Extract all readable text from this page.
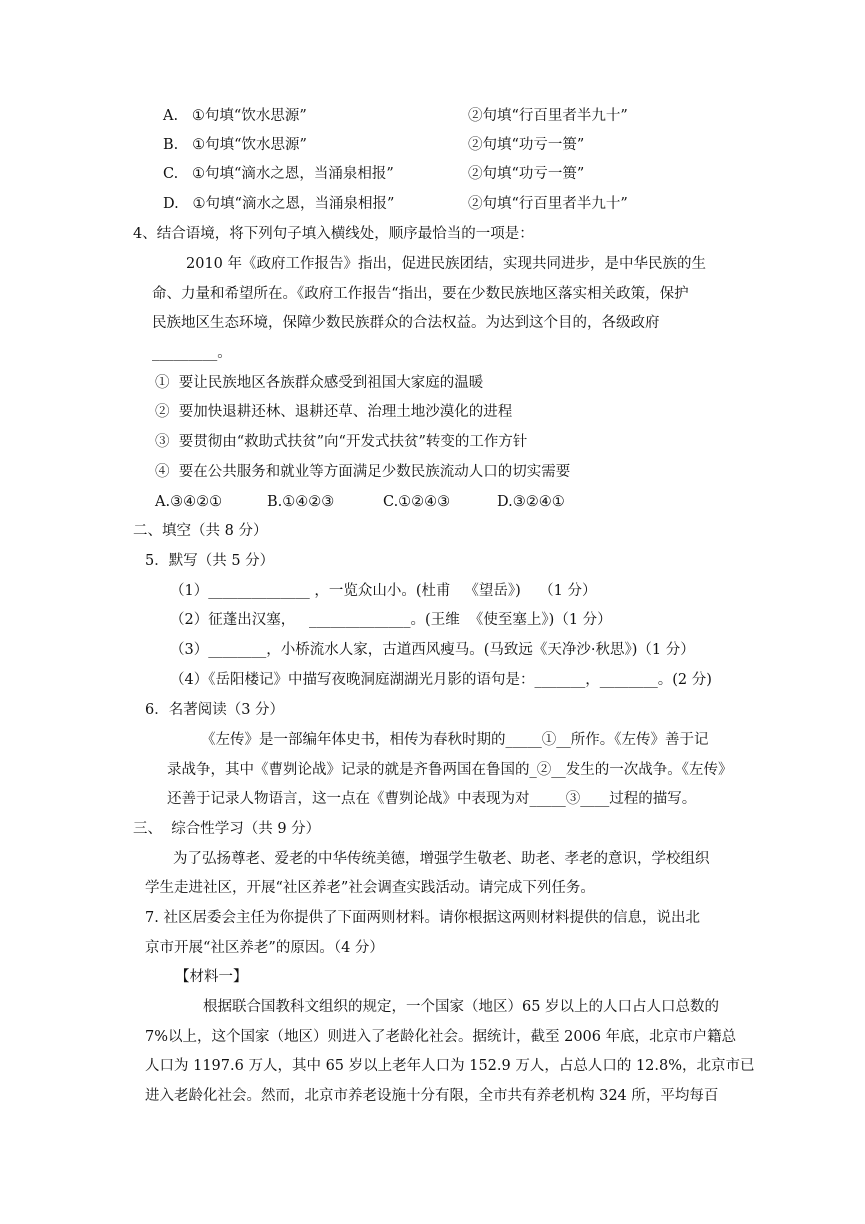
A. ①句填“饮水思源”	②句填“行百里者半九十”
B. ①句填“饮水思源”	②句填“功亏一篑”
C. ①句填“滴水之恩，当涌泉相报”	②句填“功亏一篑”
D. ①句填“滴水之恩，当涌泉相报”	②句填“行百里者半九十”
4、结合语境，将下列句子填入横线处，顺序最恰当的一项是：
2010 年《政府工作报告》指出，促进民族团结，实现共同进步，是中华民族的生
命、力量和希望所在。《政府工作报告“指出，要在少数民族地区落实相关政策，保护
民族地区生态环境，保障少数民族群众的合法权益。为达到这个目的，各级政府
_________。
①  要让民族地区各族群众感受到祖国大家庭的温暖
②  要加快退耕还林、退耕还草、治理土地沙漠化的进程
③  要贯彻由“救助式扶贫”向“开发式扶贫”转变的工作方针
④  要在公共服务和就业等方面满足少数民族流动人口的切实需要
A.③④②①	B.①④②③	C.①②④③	D.③②④①
二、填空（共 8 分）
5．默写（共 5 分）
（1）______________ ，一览众山小。(杜甫   《望岳》)    （1 分）
（2）征蓬出汉塞，   ______________。(王维  《使至塞上》)（1 分）
（3）________，小桥流水人家，古道西风瘦马。(马致远《天净沙·秋思》)（1 分）
（4）《岳阳楼记》中描写夜晚洞庭湖湖光月影的语句是：_______，________。(2 分)
6．名著阅读（3 分）
《左传》是一部编年体史书，相传为春秋时期的_____①__所作。《左传》善于记
录战争，其中《曹刿论战》记录的就是齐鲁两国在鲁国的_②__发生的一次战争。《左传》
还善于记录人物语言，这一点在《曹刿论战》中表现为对_____③____过程的描写。
三、  综合性学习（共 9 分）
为了弘扬尊老、爱老的中华传统美德，增强学生敬老、助老、孝老的意识，学校组织
学生走进社区，开展“社区养老”社会调查实践活动。请完成下列任务。
7. 社区居委会主任为你提供了下面两则材料。请你根据这两则材料提供的信息，说出北
京市开展“社区养老”的原因。（4 分）
【材料一】
根据联合国教科文组织的规定，一个国家（地区）65 岁以上的人口占人口总数的
7%以上，这个国家（地区）则进入了老龄化社会。据统计，截至 2006 年底，北京市户籍总
人口为 1197.6 万人，其中 65 岁以上老年人口为 152.9 万人，占总人口的 12.8%，北京市已
进入老龄化社会。然而，北京市养老设施十分有限，全市共有养老机构 324 所，平均每百
